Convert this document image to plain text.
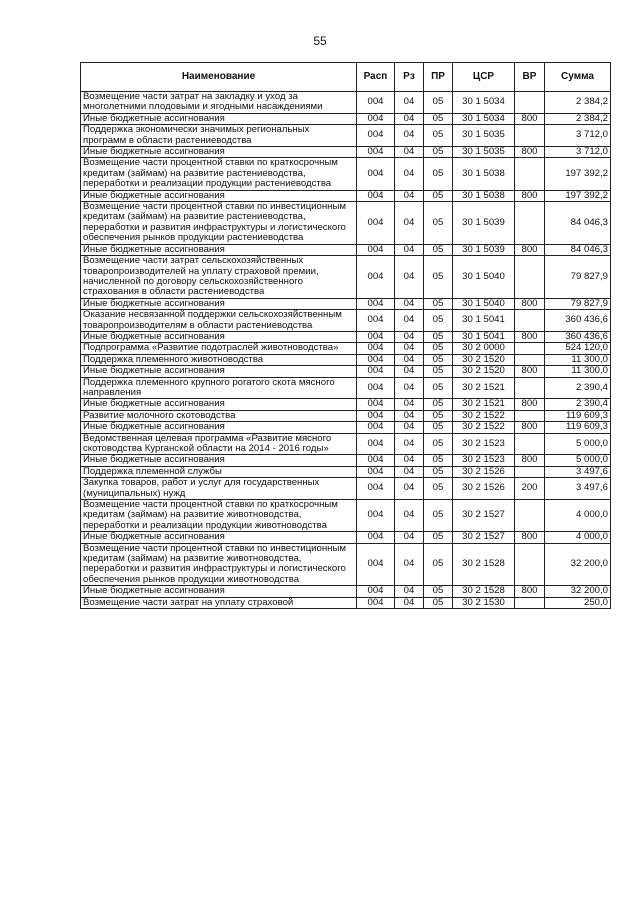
55
Наименование	Расп	Рз	ПР	ЦСР	ВР	Сумма
Возмещение части затрат на закладку и уход за многолетними плодовыми и ягодными насаждениями	004	04	05	30 1 5034		2 384,2
Иные бюджетные ассигнования	004	04	05	30 1 5034	800	2 384,2
Поддержка экономически значимых региональных программ в области растениеводства	004	04	05	30 1 5035		3 712,0
Иные бюджетные ассигнования	004	04	05	30 1 5035	800	3 712,0
Возмещение части процентной ставки по краткосрочным кредитам (займам) на развитие растениеводства, переработки и реализации продукции растениеводства	004	04	05	30 1 5038		197 392,2
Иные бюджетные ассигнования	004	04	05	30 1 5038	800	197 392,2
Возмещение части процентной ставки по инвестиционным кредитам (займам) на развитие растениеводства, переработки и развития инфраструктуры и логистического обеспечения рынков продукции растениеводства	004	04	05	30 1 5039		84 046,3
Иные бюджетные ассигнования	004	04	05	30 1 5039	800	84 046,3
Возмещение части затрат сельскохозяйственных товаропроизводителей на уплату страховой премии, начисленной по договору сельскохозяйственного страхования в области растениеводства	004	04	05	30 1 5040		79 827,9
Иные бюджетные ассигнования	004	04	05	30 1 5040	800	79 827,9
Оказание несвязанной поддержки сельскохозяйственным товаропроизводителям в области растениеводства	004	04	05	30 1 5041		360 436,6
Иные бюджетные ассигнования	004	04	05	30 1 5041	800	360 436,6
Подпрограмма «Развитие подотраслей животноводства»	004	04	05	30 2 0000		524 120,0
Поддержка племенного животноводства	004	04	05	30 2 1520		11 300,0
Иные бюджетные ассигнования	004	04	05	30 2 1520	800	11 300,0
Поддержка племенного крупного рогатого скота мясного направления	004	04	05	30 2 1521		2 390,4
Иные бюджетные ассигнования	004	04	05	30 2 1521	800	2 390,4
Развитие молочного скотоводства	004	04	05	30 2 1522		119 609,3
Иные бюджетные ассигнования	004	04	05	30 2 1522	800	119 609,3
Ведомственная целевая программа «Развитие мясного скотоводства Курганской области на 2014 - 2016 годы»	004	04	05	30 2 1523		5 000,0
Иные бюджетные ассигнования	004	04	05	30 2 1523	800	5 000,0
Поддержка племенной службы	004	04	05	30 2 1526		3 497,6
Закупка товаров, работ и услуг для государственных (муниципальных) нужд	004	04	05	30 2 1526	200	3 497,6
Возмещение части процентной ставки по краткосрочным кредитам (займам) на развитие животноводства, переработки и реализации продукции животноводства	004	04	05	30 2 1527		4 000,0
Иные бюджетные ассигнования	004	04	05	30 2 1527	800	4 000,0
Возмещение части процентной ставки по инвестиционным кредитам (займам) на развитие животноводства, переработки и развития инфраструктуры и логистического обеспечения рынков продукции животноводства	004	04	05	30 2 1528		32 200,0
Иные бюджетные ассигнования	004	04	05	30 2 1528	800	32 200,0
Возмещение части затрат на уплату страховой	004	04	05	30 2 1530		250,0
